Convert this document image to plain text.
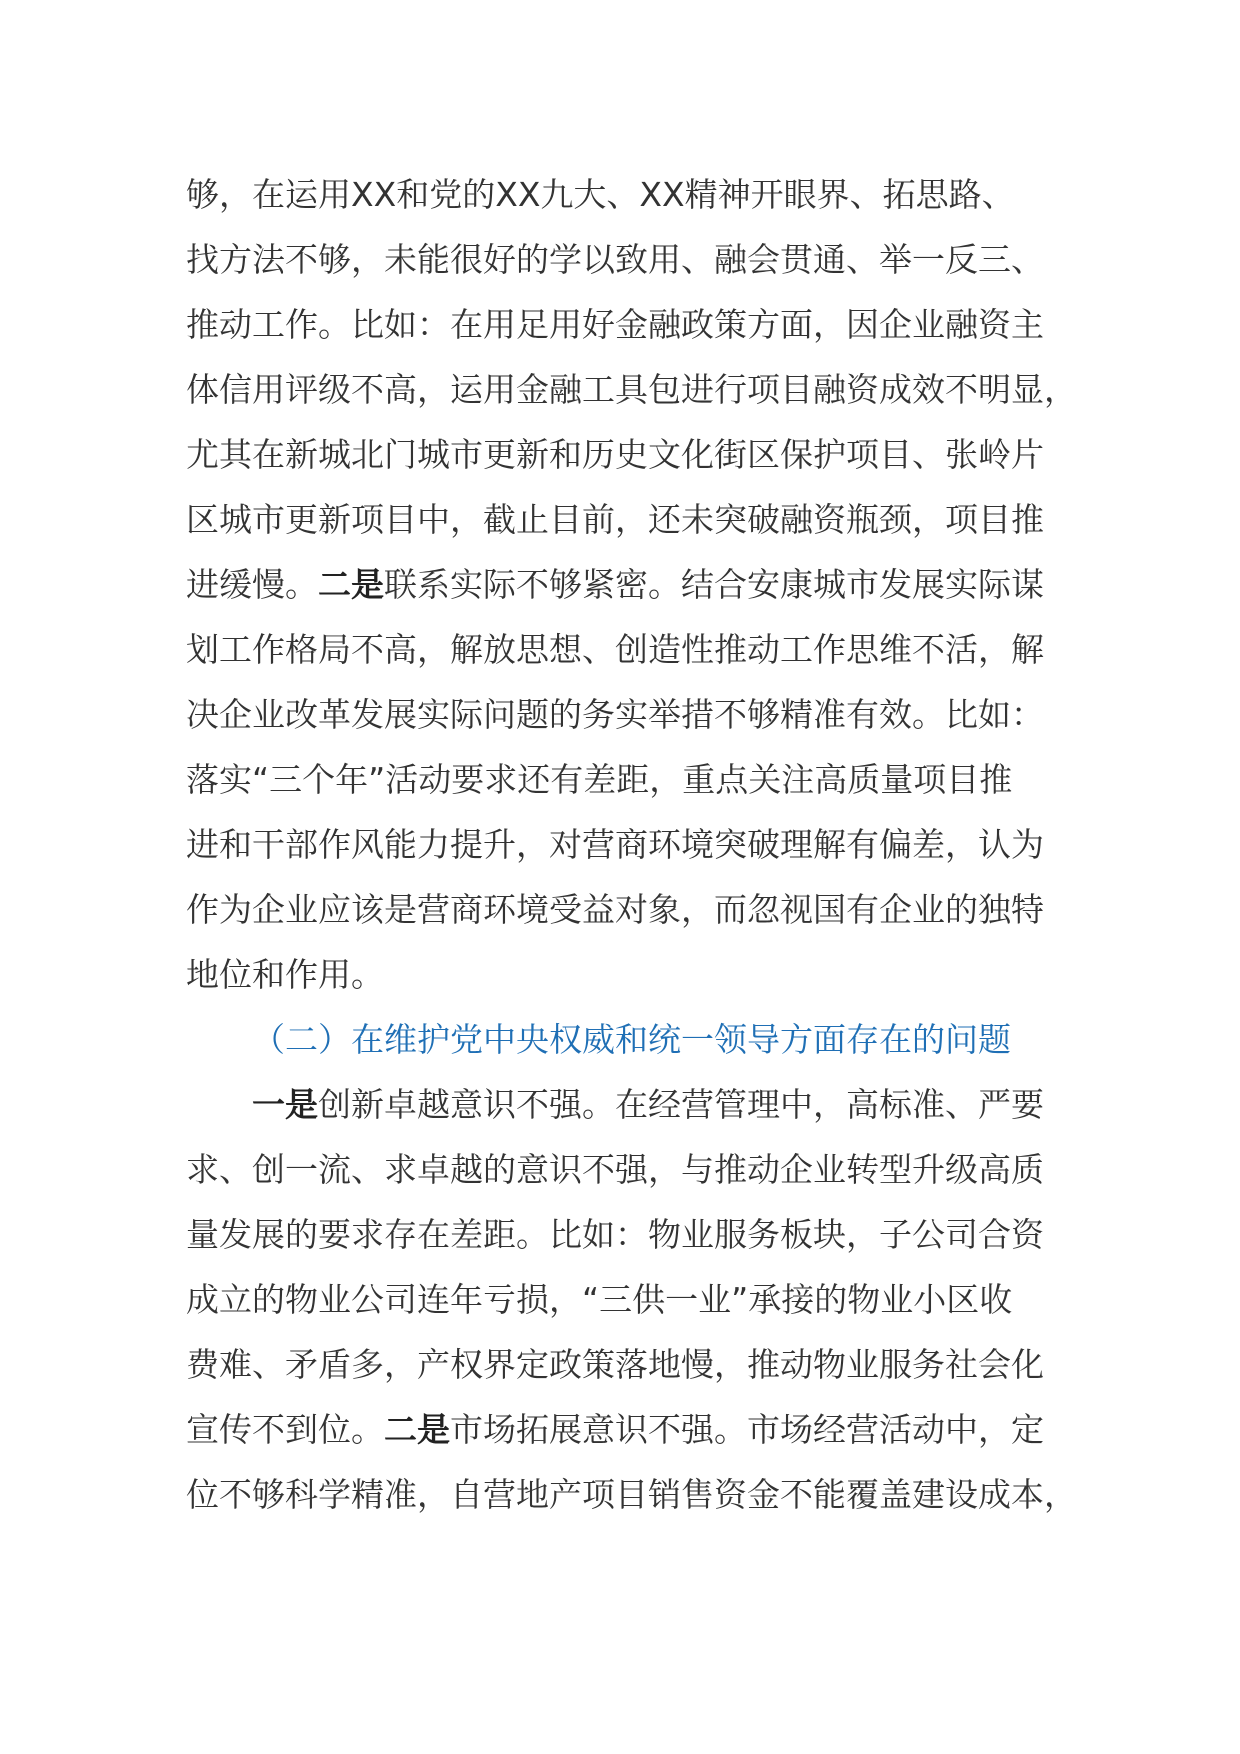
够，在运用XX和党的XX九大、XX精神开眼界、拓思路、
找方法不够，未能很好的学以致用、融会贯通、举一反三、
推动工作。比如：在用足用好金融政策方面，因企业融资主
体信用评级不高，运用金融工具包进行项目融资成效不明显，
尤其在新城北门城市更新和历史文化街区保护项目、张岭片
区城市更新项目中，截止目前，还未突破融资瓶颈，项目推
进缓慢。二是联系实际不够紧密。结合安康城市发展实际谋
划工作格局不高，解放思想、创造性推动工作思维不活，解
决企业改革发展实际问题的务实举措不够精准有效。比如：
落实“三个年”活动要求还有差距，重点关注高质量项目推
进和干部作风能力提升，对营商环境突破理解有偏差，认为
作为企业应该是营商环境受益对象，而忽视国有企业的独特
地位和作用。
（二）在维护党中央权威和统一领导方面存在的问题
一是创新卓越意识不强。在经营管理中，高标准、严要
求、创一流、求卓越的意识不强，与推动企业转型升级高质
量发展的要求存在差距。比如：物业服务板块，子公司合资
成立的物业公司连年亏损，“三供一业”承接的物业小区收
费难、矛盾多，产权界定政策落地慢，推动物业服务社会化
宣传不到位。二是市场拓展意识不强。市场经营活动中，定
位不够科学精准，自营地产项目销售资金不能覆盖建设成本，
